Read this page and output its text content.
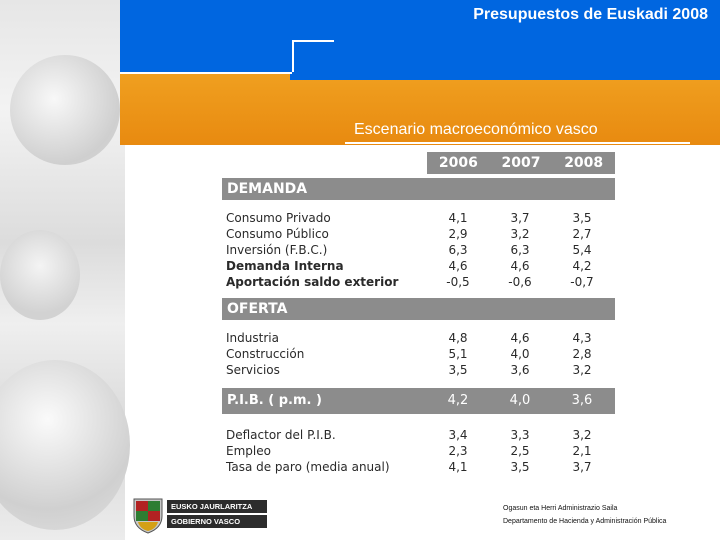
Presupuestos de Euskadi 2008
Escenario macroeconómico vasco
2006	2007	2008
DEMANDA
Consumo Privado	4,1	3,7	3,5
Consumo Público	2,9	3,2	2,7
Inversión (F.B.C.)	6,3	6,3	5,4
Demanda Interna	4,6	4,6	4,2
Aportación saldo exterior	-0,5	-0,6	-0,7
OFERTA
Industria	4,8	4,6	4,3
Construcción	5,1	4,0	2,8
Servicios	3,5	3,6	3,2
P.I.B. ( p.m. )	4,2	4,0	3,6
Deflactor del P.I.B.	3,4	3,3	3,2
Empleo	2,3	2,5	2,1
Tasa de paro (media anual)	4,1	3,5	3,7
EUSKO JAURLARITZA
GOBIERNO VASCO
Ogasun eta Herri Administrazio Saila
Departamento de Hacienda y Administración Pública
